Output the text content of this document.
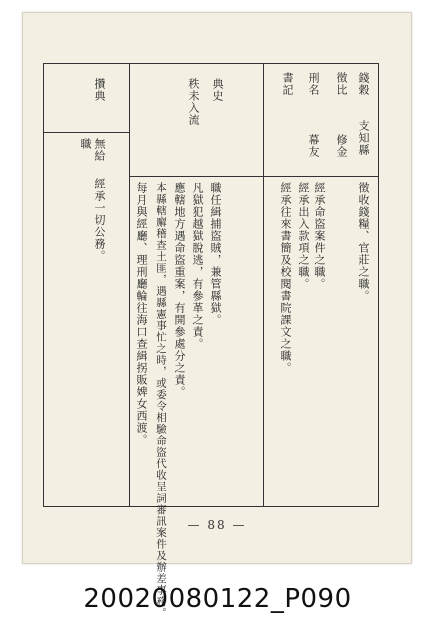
錢穀
徵比
刑名
書記
支知縣
修金
幕友
徵收錢糧、官莊之職。
經承命盜案件之職。
經承出入款項之職。
經承往來書簡及校閱書院課文之職。
典史
秩未入流
職任緝捕盜賊，兼管縣獄。
凡獄犯越獄脫逃，有參革之責。
應轄地方遇命盜重案，有開參處分之責。
本縣轄廨稽查土匪，遇縣憲事忙之時，或委令相驗命盜代收呈詞審訊案件及辦差事務。
每月與經廳、理刑廳輪往海口查緝拐販婢女西渡。
攢典
無給
職
經承一切公務。
— 88 —
20020080122_P090
